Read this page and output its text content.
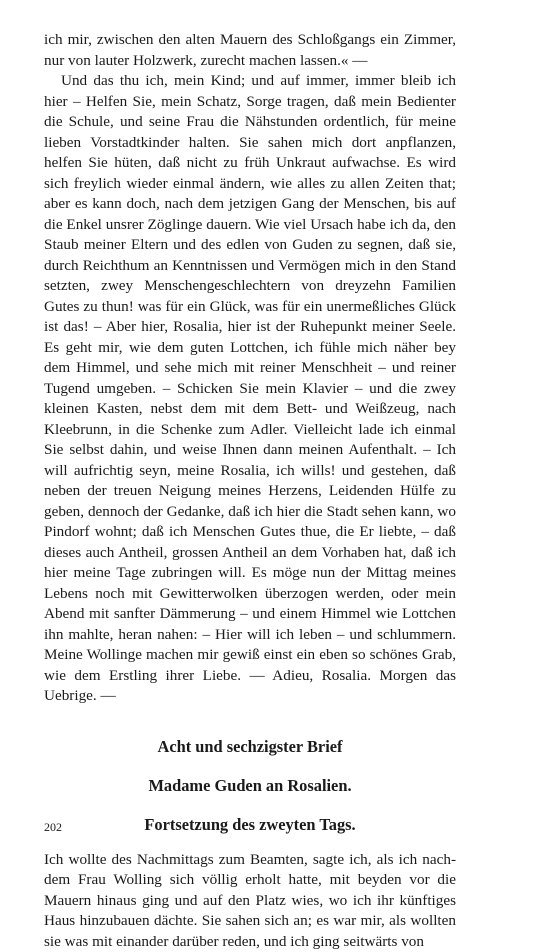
ich mir, zwischen den alten Mauern des Schloßgangs ein Zimmer, nur von lauter Holzwerk, zurecht machen lassen.« ––

Und das thu ich, mein Kind; und auf immer, immer bleib ich hier – Helfen Sie, mein Schatz, Sorge tragen, daß mein Bedienter die Schule, und seine Frau die Nähstunden ordentlich, für meine lieben Vorstadtkinder halten. Sie sahen mich dort anpflanzen, helfen Sie hüten, daß nicht zu früh Unkraut aufwachse. Es wird sich freylich wieder einmal ändern, wie alles zu allen Zeiten that; aber es kann doch, nach dem jetzigen Gang der Menschen, bis auf die Enkel unsrer Zöglinge dauern. Wie viel Ursach habe ich da, den Staub meiner Eltern und des edlen von Guden zu segnen, daß sie, durch Reichthum an Kenntnissen und Vermögen mich in den Stand setzten, zwey Menschengeschlechtern von dreyzehn Familien Gutes zu thun! was für ein Glück, was für ein unermeßliches Glück ist das! – Aber hier, Rosalia, hier ist der Ruhepunkt meiner Seele. Es geht mir, wie dem guten Lottchen, ich fühle mich näher bey dem Himmel, und sehe mich mit reiner Menschheit – und reiner Tugend umgeben. – Schicken Sie mein Klavier – und die zwey kleinen Kasten, nebst dem mit dem Bett- und Weißzeug, nach Kleebrunn, in die Schenke zum Adler. Vielleicht lade ich einmal Sie selbst dahin, und weise Ihnen dann meinen Aufenthalt. – Ich will aufrichtig seyn, meine Rosalia, ich wills! und gestehen, daß neben der treuen Neigung meines Herzens, Leidenden Hülfe zu geben, dennoch der Gedanke, daß ich hier die Stadt sehen kann, wo Pindorf wohnt; daß ich Menschen Gutes thue, die Er liebte, – daß dieses auch Antheil, grossen Antheil an dem Vorhaben hat, daß ich hier meine Tage zubringen will. Es möge nun der Mittag meines Lebens noch mit Gewitterwolken überzogen werden, oder mein Abend mit sanfter Dämmerung – und einem Himmel wie Lottchen ihn mahlte, heran nahen: – Hier will ich leben – und schlummern. Meine Wollinge machen mir gewiß einst ein eben so schönes Grab, wie dem Erstling ihrer Liebe. –– Adieu, Rosalia. Morgen das Uebrige. ––

Acht und sechzigster Brief
Madame Guden an Rosalien.
Fortsetzung des zweyten Tags.

Ich wollte des Nachmittags zum Beamten, sagte ich, als ich nachdem Frau Wolling sich völlig erholt hatte, mit beyden vor die Mauern hinaus ging und auf den Platz wies, wo ich ihr künftiges Haus hinzubauen dächte. Sie sahen sich an; es war mir, als wollten sie was mit einander darüber reden, und ich ging seitwärts von

202
